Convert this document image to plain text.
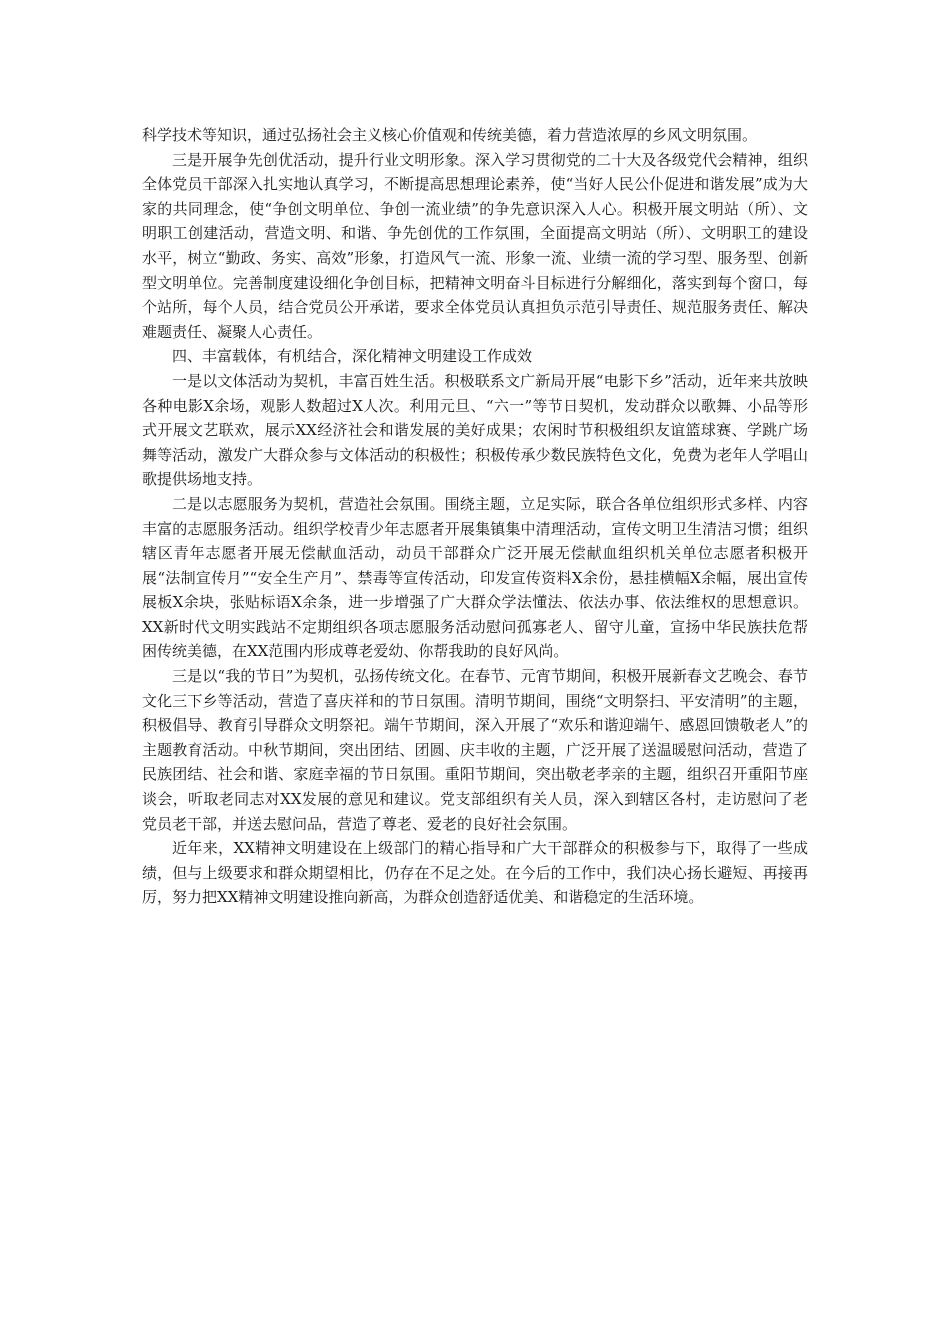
科学技术等知识，通过弘扬社会主义核心价值观和传统美德，着力营造浓厚的乡风文明氛围。

三是开展争先创优活动，提升行业文明形象。深入学习贯彻党的二十大及各级党代会精神，组织全体党员干部深入扎实地认真学习，不断提高思想理论素养，使“当好人民公仆促进和谐发展”成为大家的共同理念，使“争创文明单位、争创一流业绩”的争先意识深入人心。积极开展文明站（所）、文明职工创建活动，营造文明、和谐、争先创优的工作氛围，全面提高文明站（所）、文明职工的建设水平，树立“勤政、务实、高效”形象，打造风气一流、形象一流、业绩一流的学习型、服务型、创新型文明单位。完善制度建设细化争创目标，把精神文明奋斗目标进行分解细化，落实到每个窗口，每个站所，每个人员，结合党员公开承诺，要求全体党员认真担负示范引导责任、规范服务责任、解决难题责任、凝聚人心责任。

四、丰富载体，有机结合，深化精神文明建设工作成效

一是以文体活动为契机，丰富百姓生活。积极联系文广新局开展“电影下乡”活动，近年来共放映各种电影X余场，观影人数超过X人次。利用元旦、“六一”等节日契机，发动群众以歌舞、小品等形式开展文艺联欢，展示XX经济社会和谐发展的美好成果；农闲时节积极组织友谊篮球赛、学跳广场舞等活动，激发广大群众参与文体活动的积极性；积极传承少数民族特色文化，免费为老年人学唱山歌提供场地支持。

二是以志愿服务为契机，营造社会氛围。围绕主题，立足实际，联合各单位组织形式多样、内容丰富的志愿服务活动。组织学校青少年志愿者开展集镇集中清理活动，宣传文明卫生清洁习惯；组织辖区青年志愿者开展无偿献血活动，动员干部群众广泛开展无偿献血组织机关单位志愿者积极开展“法制宣传月”“安全生产月”、禁毒等宣传活动，印发宣传资料X余份，悬挂横幅X余幅，展出宣传展板X余块，张贴标语X余条，进一步增强了广大群众学法懂法、依法办事、依法维权的思想意识。XX新时代文明实践站不定期组织各项志愿服务活动慰问孤寡老人、留守儿童，宣扬中华民族扶危帮困传统美德，在XX范围内形成尊老爱幼、你帮我助的良好风尚。

三是以“我的节日”为契机，弘扬传统文化。在春节、元宵节期间，积极开展新春文艺晚会、春节文化三下乡等活动，营造了喜庆祥和的节日氛围。清明节期间，围绕“文明祭扫、平安清明”的主题，积极倡导、教育引导群众文明祭祀。端午节期间，深入开展了“欢乐和谐迎端午、感恩回馈敬老人”的主题教育活动。中秋节期间，突出团结、团圆、庆丰收的主题，广泛开展了送温暖慰问活动，营造了民族团结、社会和谐、家庭幸福的节日氛围。重阳节期间，突出敬老孝亲的主题，组织召开重阳节座谈会，听取老同志对XX发展的意见和建议。党支部组织有关人员，深入到辖区各村，走访慰问了老党员老干部，并送去慰问品，营造了尊老、爱老的良好社会氛围。

近年来，XX精神文明建设在上级部门的精心指导和广大干部群众的积极参与下，取得了一些成绩，但与上级要求和群众期望相比，仍存在不足之处。在今后的工作中，我们决心扬长避短、再接再厉，努力把XX精神文明建设推向新高，为群众创造舒适优美、和谐稳定的生活环境。
